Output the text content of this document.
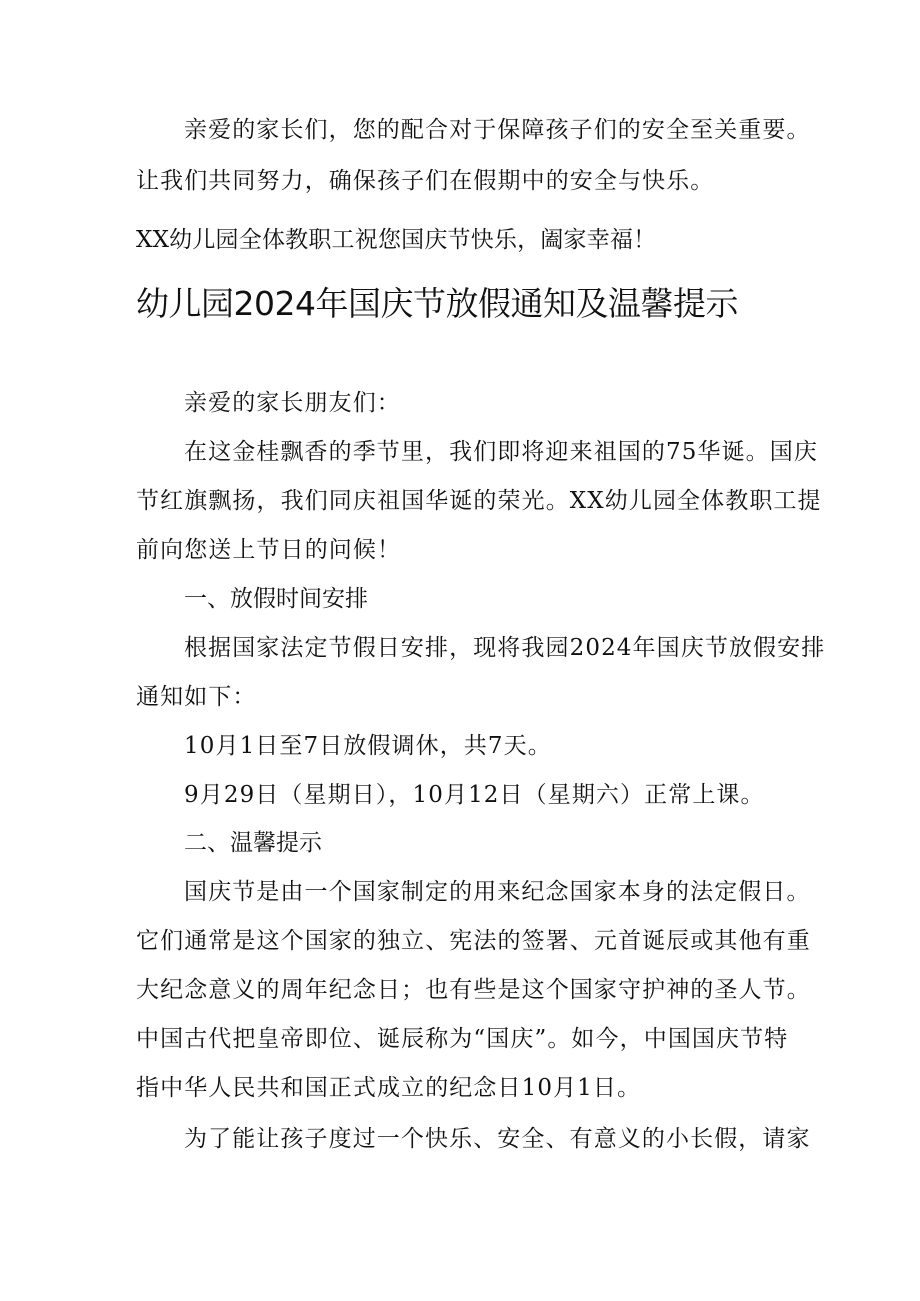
亲爱的家长们，您的配合对于保障孩子们的安全至关重要。
让我们共同努力，确保孩子们在假期中的安全与快乐。
XX幼儿园全体教职工祝您国庆节快乐，阖家幸福！
幼儿园2024年国庆节放假通知及温馨提示
亲爱的家长朋友们：
在这金桂飘香的季节里，我们即将迎来祖国的75华诞。国庆
节红旗飘扬，我们同庆祖国华诞的荣光。XX幼儿园全体教职工提
前向您送上节日的问候！
一、放假时间安排
根据国家法定节假日安排，现将我园2024年国庆节放假安排
通知如下：
10月1日至7日放假调休，共7天。
9月29日（星期日），10月12日（星期六）正常上课。
二、温馨提示
国庆节是由一个国家制定的用来纪念国家本身的法定假日。
它们通常是这个国家的独立、宪法的签署、元首诞辰或其他有重
大纪念意义的周年纪念日；也有些是这个国家守护神的圣人节。
中国古代把皇帝即位、诞辰称为“国庆”。如今，中国国庆节特
指中华人民共和国正式成立的纪念日10月1日。
为了能让孩子度过一个快乐、安全、有意义的小长假，请家
